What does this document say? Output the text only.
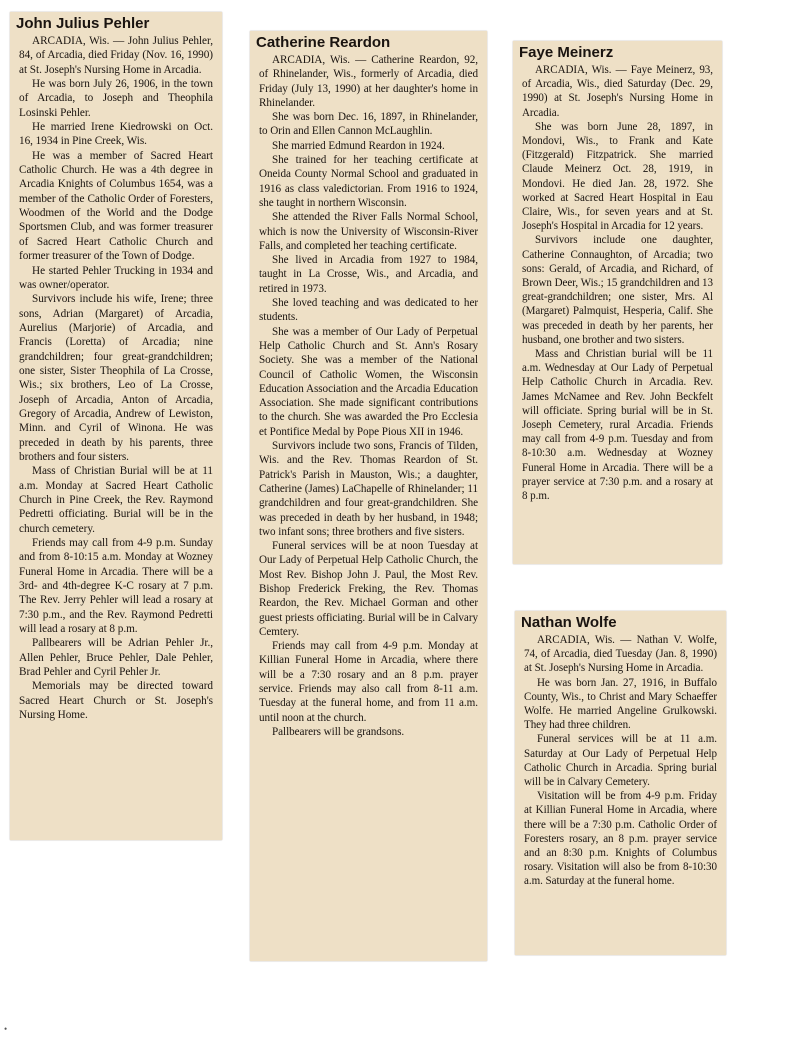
John Julius Pehler

ARCADIA, Wis. — John Julius Pehler, 84, of Arcadia, died Friday (Nov. 16, 1990) at St. Joseph's Nursing Home in Arcadia.

He was born July 26, 1906, in the town of Arcadia, to Joseph and Theophila Losinski Pehler.

He married Irene Kiedrowski on Oct. 16, 1934 in Pine Creek, Wis.

He was a member of Sacred Heart Catholic Church. He was a 4th degree in Arcadia Knights of Columbus 1654, was a member of the Catholic Order of Foresters, Woodmen of the World and the Dodge Sportsmen Club, and was former treasurer of Sacred Heart Catholic Church and former treasurer of the Town of Dodge.

He started Pehler Trucking in 1934 and was owner/operator.

Survivors include his wife, Irene; three sons, Adrian (Margaret) of Arcadia, Aurelius (Marjorie) of Arcadia, and Francis (Loretta) of Arcadia; nine grandchildren; four great-grandchildren; one sister, Sister Theophila of La Crosse, Wis.; six brothers, Leo of La Crosse, Joseph of Arcadia, Anton of Arcadia, Gregory of Arcadia, Andrew of Lewiston, Minn. and Cyril of Winona. He was preceded in death by his parents, three brothers and four sisters.

Mass of Christian Burial will be at 11 a.m. Monday at Sacred Heart Catholic Church in Pine Creek, the Rev. Raymond Pedretti officiating. Burial will be in the church cemetery.

Friends may call from 4-9 p.m. Sunday and from 8-10:15 a.m. Monday at Wozney Funeral Home in Arcadia. There will be a 3rd- and 4th-degree K-C rosary at 7 p.m. The Rev. Jerry Pehler will lead a rosary at 7:30 p.m., and the Rev. Raymond Pedretti will lead a rosary at 8 p.m.

Pallbearers will be Adrian Pehler Jr., Allen Pehler, Bruce Pehler, Dale Pehler, Brad Pehler and Cyril Pehler Jr.

Memorials may be directed toward Sacred Heart Church or St. Joseph's Nursing Home.

Catherine Reardon

ARCADIA, Wis. — Catherine Reardon, 92, of Rhinelander, Wis., formerly of Arcadia, died Friday (July 13, 1990) at her daughter's home in Rhinelander.

She was born Dec. 16, 1897, in Rhinelander, to Orin and Ellen Cannon McLaughlin.

She married Edmund Reardon in 1924.

She trained for her teaching certificate at Oneida County Normal School and graduated in 1916 as class valedictorian. From 1916 to 1924, she taught in northern Wisconsin.

She attended the River Falls Normal School, which is now the University of Wisconsin-River Falls, and completed her teaching certificate.

She lived in Arcadia from 1927 to 1984, taught in La Crosse, Wis., and Arcadia, and retired in 1973.

She loved teaching and was dedicated to her students.

She was a member of Our Lady of Perpetual Help Catholic Church and St. Ann's Rosary Society. She was a member of the National Council of Catholic Women, the Wisconsin Education Association and the Arcadia Education Association. She made significant contributions to the church. She was awarded the Pro Ecclesia et Pontifice Medal by Pope Pious XII in 1946.

Survivors include two sons, Francis of Tilden, Wis. and the Rev. Thomas Reardon of St. Patrick's Parish in Mauston, Wis.; a daughter, Catherine (James) LaChapelle of Rhinelander; 11 grandchildren and four great-grandchildren. She was preceded in death by her husband, in 1948; two infant sons; three brothers and five sisters.

Funeral services will be at noon Tuesday at Our Lady of Perpetual Help Catholic Church, the Most Rev. Bishop John J. Paul, the Most Rev. Bishop Frederick Freking, the Rev. Thomas Reardon, the Rev. Michael Gorman and other guest priests officiating. Burial will be in Calvary Cemtery.

Friends may call from 4-9 p.m. Monday at Killian Funeral Home in Arcadia, where there will be a 7:30 rosary and an 8 p.m. prayer service. Friends may also call from 8-11 a.m. Tuesday at the funeral home, and from 11 a.m. until noon at the church.

Pallbearers will be grandsons.

Faye Meinerz

ARCADIA, Wis. — Faye Meinerz, 93, of Arcadia, Wis., died Saturday (Dec. 29, 1990) at St. Joseph's Nursing Home in Arcadia.

She was born June 28, 1897, in Mondovi, Wis., to Frank and Kate (Fitzgerald) Fitzpatrick. She married Claude Meinerz Oct. 28, 1919, in Mondovi. He died Jan. 28, 1972. She worked at Sacred Heart Hospital in Eau Claire, Wis., for seven years and at St. Joseph's Hospital in Arcadia for 12 years.

Survivors include one daughter, Catherine Connaughton, of Arcadia; two sons: Gerald, of Arcadia, and Richard, of Brown Deer, Wis.; 15 grandchildren and 13 great-grandchildren; one sister, Mrs. Al (Margaret) Palmquist, Hesperia, Calif. She was preceded in death by her parents, her husband, one brother and two sisters.

Mass and Christian burial will be 11 a.m. Wednesday at Our Lady of Perpetual Help Catholic Church in Arcadia. Rev. James McNamee and Rev. John Beckfelt will officiate. Spring burial will be in St. Joseph Cemetery, rural Arcadia. Friends may call from 4-9 p.m. Tuesday and from 8-10:30 a.m. Wednesday at Wozney Funeral Home in Arcadia. There will be a prayer service at 7:30 p.m. and a rosary at 8 p.m.

Nathan Wolfe

ARCADIA, Wis. — Nathan V. Wolfe, 74, of Arcadia, died Tuesday (Jan. 8, 1990) at St. Joseph's Nursing Home in Arcadia.

He was born Jan. 27, 1916, in Buffalo County, Wis., to Christ and Mary Schaeffer Wolfe. He married Angeline Grulkowski. They had three children.

Funeral services will be at 11 a.m. Saturday at Our Lady of Perpetual Help Catholic Church in Arcadia. Spring burial will be in Calvary Cemetery.

Visitation will be from 4-9 p.m. Friday at Killian Funeral Home in Arcadia, where there will be a 7:30 p.m. Catholic Order of Foresters rosary, an 8 p.m. prayer service and an 8:30 p.m. Knights of Columbus rosary. Visitation will also be from 8-10:30 a.m. Saturday at the funeral home.

•
